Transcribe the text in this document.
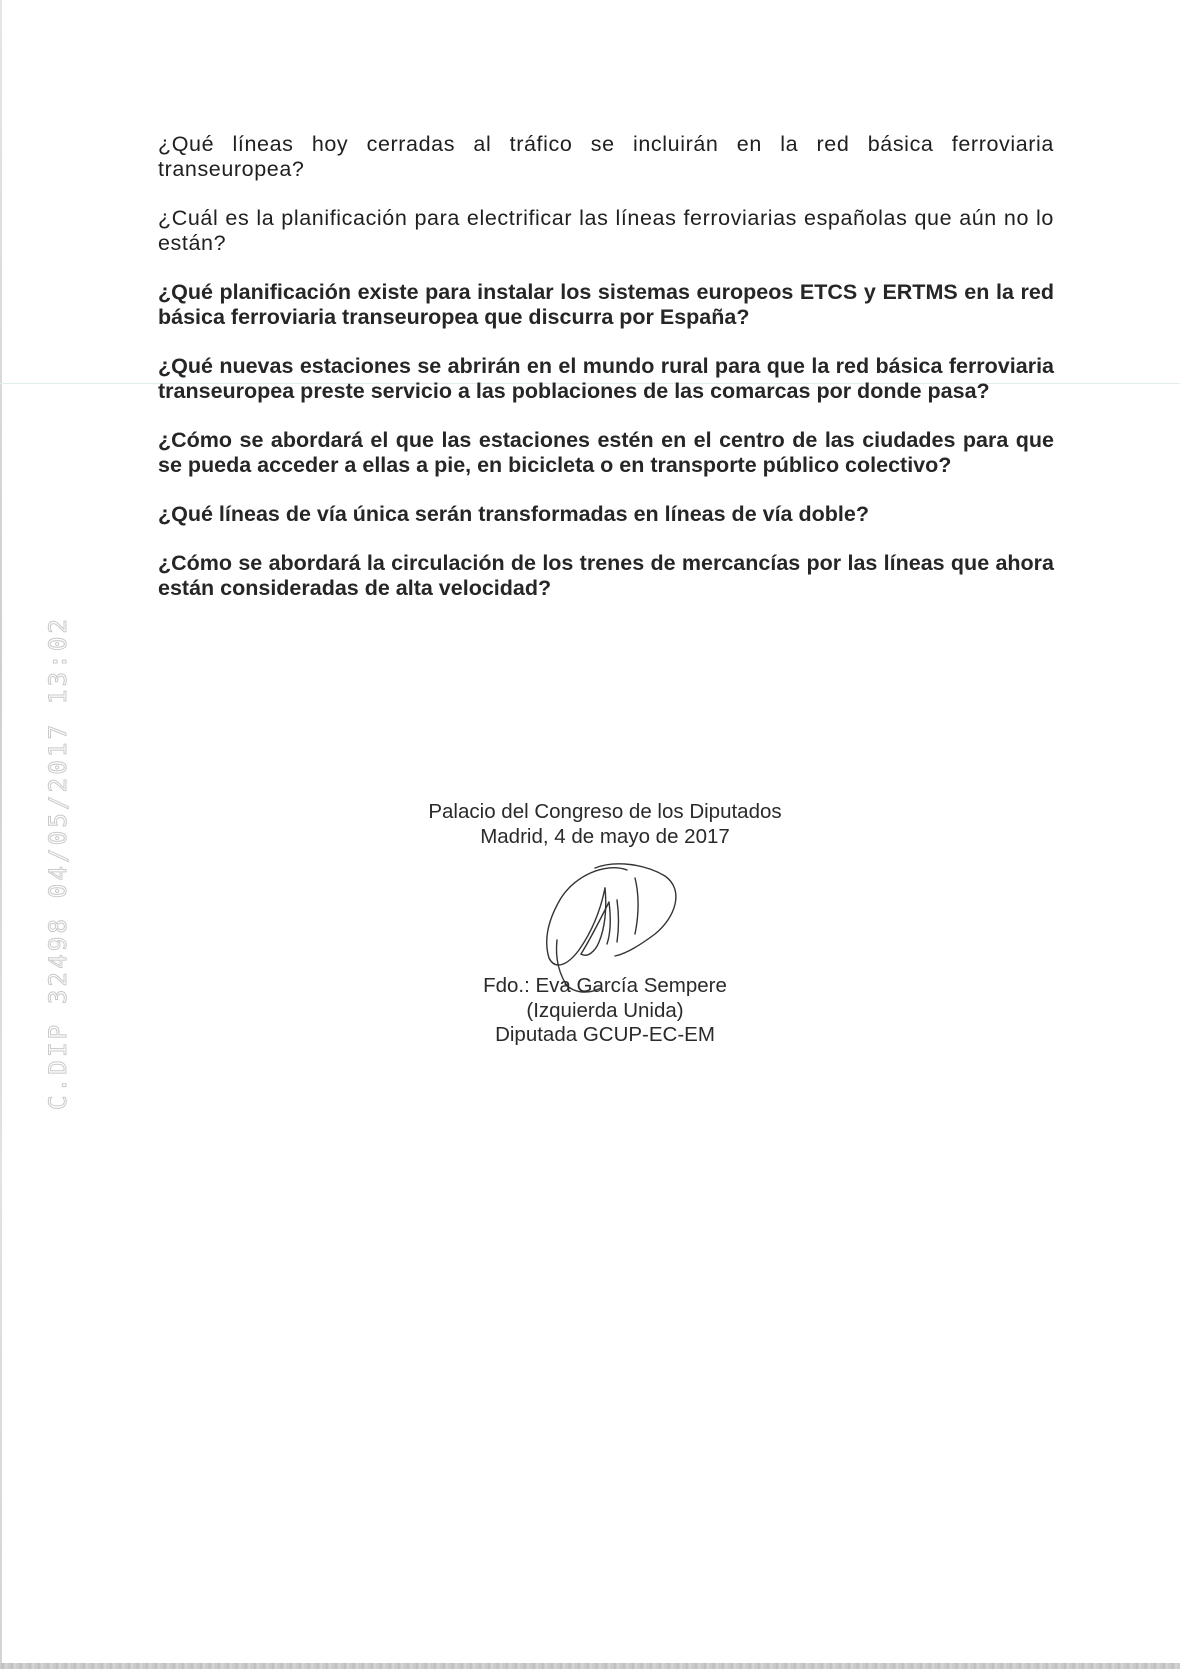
C.DIP 32498 04/05/2017 13:02
¿Qué líneas hoy cerradas al tráfico se incluirán en la red básica ferroviaria transeuropea?
¿Cuál es la planificación para electrificar las líneas ferroviarias españolas que aún no lo están?
¿Qué planificación existe para instalar los sistemas europeos ETCS y ERTMS en la red básica ferroviaria transeuropea que discurra por España?
¿Qué nuevas estaciones se abrirán en el mundo rural para que la red básica ferroviaria transeuropea preste servicio a las poblaciones de las comarcas por donde pasa?
¿Cómo se abordará el que las estaciones estén en el centro de las ciudades para que se pueda acceder a ellas a pie, en bicicleta o en transporte público colectivo?
¿Qué líneas de vía única serán transformadas en líneas de vía doble?
¿Cómo se abordará la circulación de los trenes de mercancías por las líneas que ahora están consideradas de alta velocidad?

Palacio del Congreso de los Diputados

Madrid, 4 de mayo de 2017

Fdo.: Eva García Sempere

(Izquierda Unida)

Diputada GCUP-EC-EM
